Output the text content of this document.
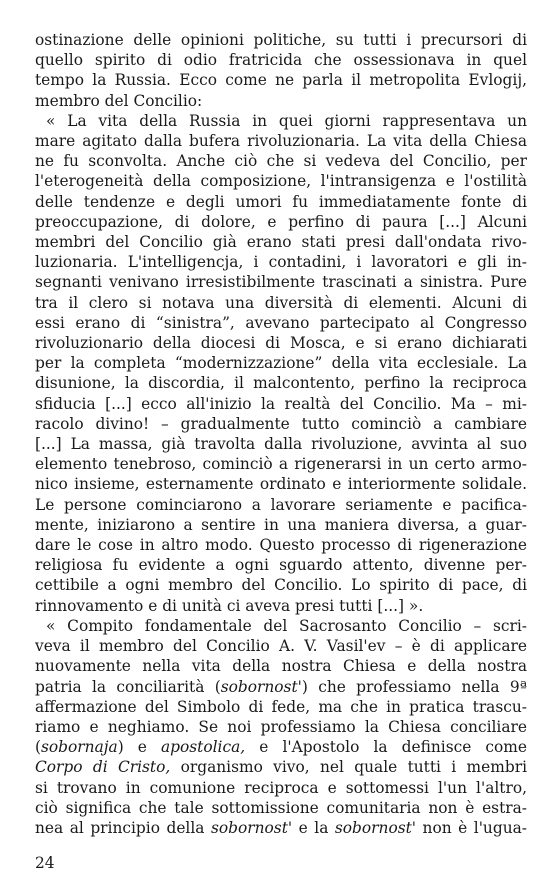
ostinazione delle opinioni politiche, su tutti i precursori di
quello spirito di odio fratricida che ossessionava in quel
tempo la Russia. Ecco come ne parla il metropolita Evlogij,
membro del Concilio:
« La vita della Russia in quei giorni rappresentava un
mare agitato dalla bufera rivoluzionaria. La vita della Chiesa
ne fu sconvolta. Anche ciò che si vedeva del Concilio, per
l'eterogeneità della composizione, l'intransigenza e l'ostilità
delle tendenze e degli umori fu immediatamente fonte di
preoccupazione, di dolore, e perfino di paura [...] Alcuni
membri del Concilio già erano stati presi dall'ondata rivo-
luzionaria. L'intelligencja, i contadini, i lavoratori e gli in-
segnanti venivano irresistibilmente trascinati a sinistra. Pure
tra il clero si notava una diversità di elementi. Alcuni di
essi erano di “sinistra”, avevano partecipato al Congresso
rivoluzionario della diocesi di Mosca, e si erano dichiarati
per la completa “modernizzazione” della vita ecclesiale. La
disunione, la discordia, il malcontento, perfino la reciproca
sfiducia [...] ecco all'inizio la realtà del Concilio. Ma – mi-
racolo divino! – gradualmente tutto cominciò a cambiare
[...] La massa, già travolta dalla rivoluzione, avvinta al suo
elemento tenebroso, cominciò a rigenerarsi in un certo armo-
nico insieme, esternamente ordinato e interiormente solidale.
Le persone cominciarono a lavorare seriamente e pacifica-
mente, iniziarono a sentire in una maniera diversa, a guar-
dare le cose in altro modo. Questo processo di rigenerazione
religiosa fu evidente a ogni sguardo attento, divenne per-
cettibile a ogni membro del Concilio. Lo spirito di pace, di
rinnovamento e di unità ci aveva presi tutti [...] ».
« Compito fondamentale del Sacrosanto Concilio – scri-
veva il membro del Concilio A. V. Vasil'ev – è di applicare
nuovamente nella vita della nostra Chiesa e della nostra
patria la conciliarità (sobornost') che professiamo nella 9ª
affermazione del Simbolo di fede, ma che in pratica trascu-
riamo e neghiamo. Se noi professiamo la Chiesa conciliare
(sobornaja) e apostolica, e l'Apostolo la definisce come
Corpo di Cristo, organismo vivo, nel quale tutti i membri
si trovano in comunione reciproca e sottomessi l'un l'altro,
ciò significa che tale sottomissione comunitaria non è estra-
nea al principio della sobornost' e la sobornost' non è l'ugua-
24
